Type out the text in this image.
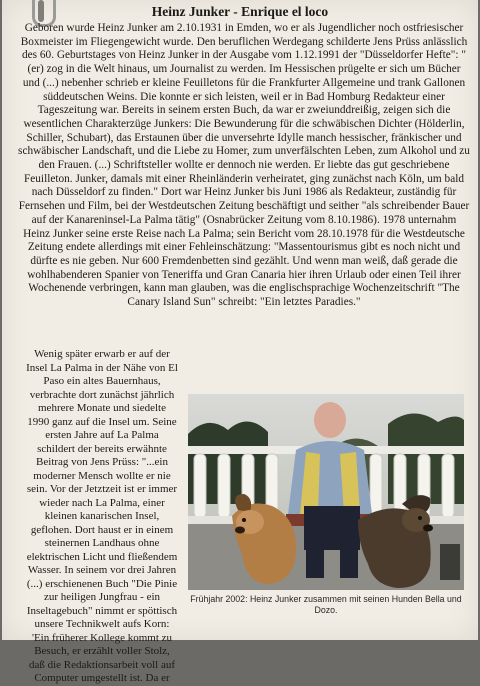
Heinz Junker - Enrique el loco
Geboren wurde Heinz Junker am 2.10.1931 in Emden, wo er als Jugendlicher noch ostfriesischer Boxmeister im Fliegengewicht wurde. Den beruflichen Werdegang schilderte Jens Prüss anlässlich des 60. Geburtstages von Heinz Junker in der Ausgabe vom 1.12.1991 der "Düsseldorfer Hefte": "(er) zog in die Welt hinaus, um Journalist zu werden. Im Hessischen prügelte er sich um Bücher und (...) nebenher schrieb er kleine Feuilletons für die Frankfurter Allgemeine und trank Gallonen süddeutschen Weins. Die konnte er sich leisten, weil er in Bad Homburg Redakteur einer Tageszeitung war. Bereits in seinem ersten Buch, da war er zweiunddreißig, zeigen sich die wesentlichen Charakterzüge Junkers: Die Bewunderung für die schwäbischen Dichter (Hölderlin, Schiller, Schubart), das Erstaunen über die unversehrte Idylle manch hessischer, fränkischer und schwäbischer Landschaft, und die Liebe zu Homer, zum unverfälschten Leben, zum Alkohol und zu den Frauen. (...) Schriftsteller wollte er dennoch nie werden. Er liebte das gut geschriebene Feuilleton. Junker, damals mit einer Rheinländerin verheiratet, ging zunächst nach Köln, um bald nach Düsseldorf zu finden." Dort war Heinz Junker bis Juni 1986 als Redakteur, zuständig für Fernsehen und Film, bei der Westdeutschen Zeitung beschäftigt und seither "als schreibender Bauer auf der Kanareninsel-La Palma tätig" (Osnabrücker Zeitung vom 8.10.1986). 1978 unternahm Heinz Junker seine erste Reise nach La Palma; sein Bericht vom 28.10.1978 für die Westdeutsche Zeitung endete allerdings mit einer Fehleinschätzung: "Massentourismus gibt es noch nicht und dürfte es nie geben. Nur 600 Fremdenbetten sind gezählt. Und wenn man weiß, daß gerade die wohlhabenderen Spanier von Teneriffa und Gran Canaria hier ihren Urlaub oder einen Teil ihrer Wochenende verbringen, kann man glauben, was die englischsprachige Wochenzeitschrift "The Canary Island Sun" schreibt: "Ein letztes Paradies."
Wenig später erwarb er auf der Insel La Palma in der Nähe von El Paso ein altes Bauernhaus, verbrachte dort zunächst jährlich mehrere Monate und siedelte 1990 ganz auf die Insel um. Seine ersten Jahre auf La Palma schildert der bereits erwähnte Beitrag von Jens Prüss: "...ein moderner Mensch wollte er nie sein. Vor der Jetztzeit ist er immer wieder nach La Palma, einer kleinen kanarischen Insel, geflohen. Dort haust er in einem steinernen Landhaus ohne elektrischen Licht und fließendem Wasser. In seinem vor drei Jahren (...) erschienenen Buch "Die Pinie zur heiligen Jungfrau - ein Inseltagebuch" nimmt er spöttisch unsere Technikwelt aufs Korn: 'Ein früherer Kollege kommt zu Besuch, er erzählt voller Stolz, daß die Redaktionsarbeit voll auf Computer umgestellt ist. Da er
Frühjahr 2002: Heinz Junker zusammen mit seinen Hunden Bella und Dozo.
